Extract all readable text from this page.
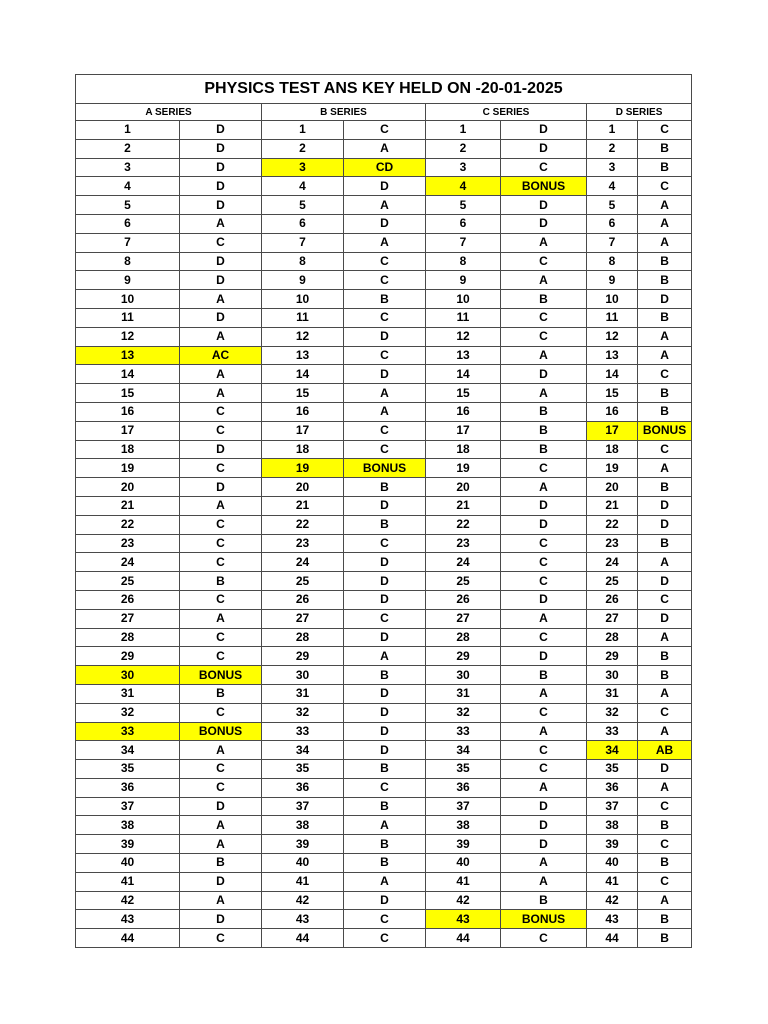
PHYSICS TEST ANS KEY HELD ON -20-01-2025							
A SERIES		B SERIES		C SERIES		D SERIES	
1	D	1	C	1	D	1	C
2	D	2	A	2	D	2	B
3	D	3	CD	3	C	3	B
4	D	4	D	4	BONUS	4	C
5	D	5	A	5	D	5	A
6	A	6	D	6	D	6	A
7	C	7	A	7	A	7	A
8	D	8	C	8	C	8	B
9	D	9	C	9	A	9	B
10	A	10	B	10	B	10	D
11	D	11	C	11	C	11	B
12	A	12	D	12	C	12	A
13	AC	13	C	13	A	13	A
14	A	14	D	14	D	14	C
15	A	15	A	15	A	15	B
16	C	16	A	16	B	16	B
17	C	17	C	17	B	17	BONUS
18	D	18	C	18	B	18	C
19	C	19	BONUS	19	C	19	A
20	D	20	B	20	A	20	B
21	A	21	D	21	D	21	D
22	C	22	B	22	D	22	D
23	C	23	C	23	C	23	B
24	C	24	D	24	C	24	A
25	B	25	D	25	C	25	D
26	C	26	D	26	D	26	C
27	A	27	C	27	A	27	D
28	C	28	D	28	C	28	A
29	C	29	A	29	D	29	B
30	BONUS	30	B	30	B	30	B
31	B	31	D	31	A	31	A
32	C	32	D	32	C	32	C
33	BONUS	33	D	33	A	33	A
34	A	34	D	34	C	34	AB
35	C	35	B	35	C	35	D
36	C	36	C	36	A	36	A
37	D	37	B	37	D	37	C
38	A	38	A	38	D	38	B
39	A	39	B	39	D	39	C
40	B	40	B	40	A	40	B
41	D	41	A	41	A	41	C
42	A	42	D	42	B	42	A
43	D	43	C	43	BONUS	43	B
44	C	44	C	44	C	44	B
